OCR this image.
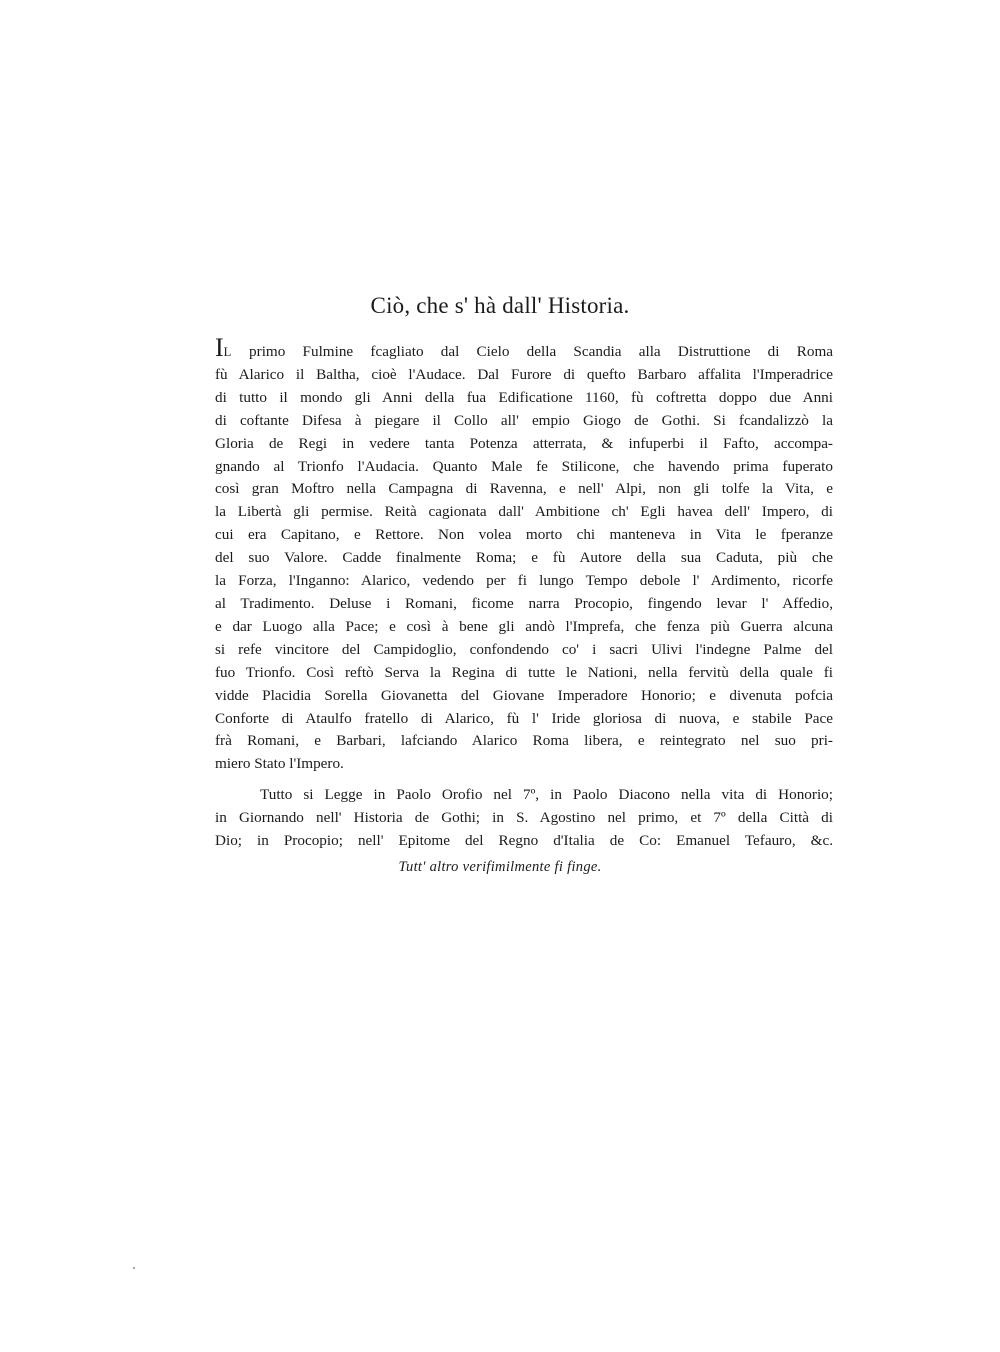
Ciò, che s' hà dall' Historia.
IL primo Fulmine fcagliato dal Cielo della Scandia alla Distruttione di Roma
fù Alarico il Baltha, cioè l'Audace. Dal Furore di quefto Barbaro affalita l'Imperadrice
di tutto il mondo gli Anni della fua Edificatione 1160, fù coftretta doppo due Anni
di coftante Difesa à piegare il Collo all' empio Giogo de Gothi. Si fcandalizzò la
Gloria de Regi in vedere tanta Potenza atterrata, & infuperbi il Fafto, accompa-
gnando al Trionfo l'Audacia. Quanto Male fe Stilicone, che havendo prima fuperato
così gran Moftro nella Campagna di Ravenna, e nell' Alpi, non gli tolfe la Vita, e
la Libertà gli permise. Reità cagionata dall' Ambitione ch' Egli havea dell' Impero, di
cui era Capitano, e Rettore. Non volea morto chi manteneva in Vita le fperanze
del suo Valore. Cadde finalmente Roma; e fù Autore della sua Caduta, più che
la Forza, l'Inganno: Alarico, vedendo per fi lungo Tempo debole l' Ardimento, ricorfe
al Tradimento. Deluse i Romani, ficome narra Procopio, fingendo levar l' Affedio,
e dar Luogo alla Pace; e così à bene gli andò l'Imprefa, che fenza più Guerra alcuna
si refe vincitore del Campidoglio, confondendo co' i sacri Ulivi l'indegne Palme del
fuo Trionfo. Così reftò Serva la Regina di tutte le Nationi, nella fervitù della quale fi
vidde Placidia Sorella Giovanetta del Giovane Imperadore Honorio; e divenuta pofcia
Conforte di Ataulfo fratello di Alarico, fù l' Iride gloriosa di nuova, e stabile Pace
frà Romani, e Barbari, lafciando Alarico Roma libera, e reintegrato nel suo pri-
miero Stato l'Impero.
Tutto si Legge in Paolo Orofio nel 7º, in Paolo Diacono nella vita di Honorio;
in Giornando nell' Historia de Gothi; in S. Agostino nel primo, et 7º della Città di
Dio; in Procopio; nell' Epitome del Regno d'Italia de Co: Emanuel Tefauro, &c.
Tutt' altro verifimilmente fi finge.
